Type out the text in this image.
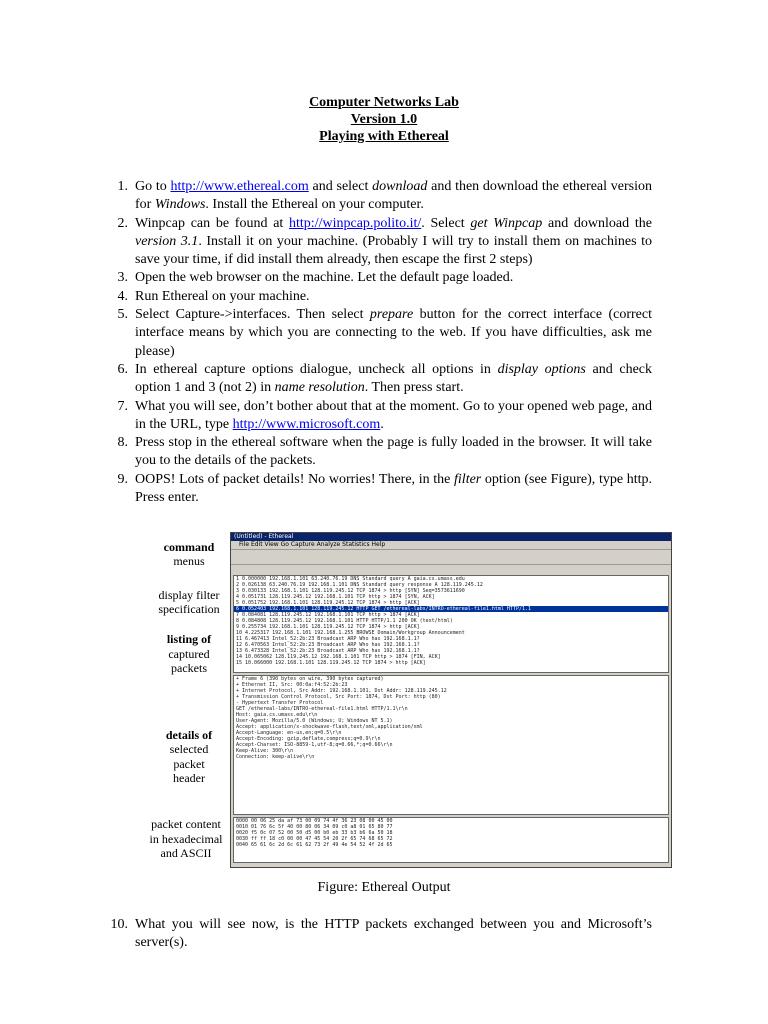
Computer Networks Lab
Version 1.0
Playing with Ethereal
1. Go to http://www.ethereal.com and select download and then download the ethereal version for Windows. Install the Ethereal on your computer.
2. Winpcap can be found at http://winpcap.polito.it/. Select get Winpcap and download the version 3.1. Install it on your machine. (Probably I will try to install them on machines to save your time, if did install them already, then escape the first 2 steps)
3. Open the web browser on the machine. Let the default page loaded.
4. Run Ethereal on your machine.
5. Select Capture->interfaces. Then select prepare button for the correct interface (correct interface means by which you are connecting to the web. If you have difficulties, ask me please)
6. In ethereal capture options dialogue, uncheck all options in display options and check option 1 and 3 (not 2) in name resolution. Then press start.
7. What you will see, don’t bother about that at the moment. Go to your opened web page, and in the URL, type http://www.microsoft.com.
8. Press stop in the ethereal software when the page is fully loaded in the browser. It will take you to the details of the packets.
9. OOPS! Lots of packet details! No worries! There, in the filter option (see Figure), type http. Press enter.
command
menus
display filter
specification
listing of
captured
packets
details of
selected
packet
header
packet content
in hexadecimal
and ASCII
(Untitled) - Ethereal
File Edit View Go Capture Analyze Statistics Help
1 0.000000 192.168.1.101 63.240.76.19 DNS Standard query A gaia.cs.umass.edu
2 0.026138 63.240.76.19 192.168.1.101 DNS Standard query response A 128.119.245.12
3 0.030133 192.168.1.101 128.119.245.12 TCP 1874 > http [SYN] Seq=3573611690
4 0.051731 128.119.245.12 192.168.1.101 TCP http > 1874 [SYN, ACK]
5 0.051752 192.168.1.101 128.119.245.12 TCP 1874 > http [ACK]
6 0.052403 192.168.1.101 128.119.245.12 HTTP GET /ethereal-labs/INTRO-ethereal-file1.html HTTP/1.1
7 0.084081 128.119.245.12 192.168.1.101 TCP http > 1874 [ACK]
8 0.084808 128.119.245.12 192.168.1.101 HTTP HTTP/1.1 200 OK (text/html)
9 0.255734 192.168.1.101 128.119.245.12 TCP 1874 > http [ACK]
10 4.225317 192.168.1.101 192.168.1.255 BROWSE Domain/Workgroup Announcement
11 6.467413 Intel_52:2b:23 Broadcast ARP Who has 192.168.1.1?
12 6.470563 Intel_52:2b:23 Broadcast ARP Who has 192.168.1.1?
13 6.473328 Intel_52:2b:23 Broadcast ARP Who has 192.168.1.1?
14 10.065062 128.119.245.12 192.168.1.101 TCP http > 1874 [FIN, ACK]
15 10.066000 192.168.1.101 128.119.245.12 TCP 1874 > http [ACK]
+ Frame 6 (390 bytes on wire, 390 bytes captured)
+ Ethernet II, Src: 00:0a:f4:52:2b:23
+ Internet Protocol, Src Addr: 192.168.1.101, Dst Addr: 128.119.245.12
+ Transmission Control Protocol, Src Port: 1874, Dst Port: http (80)
- Hypertext Transfer Protocol
GET /ethereal-labs/INTRO-ethereal-file1.html HTTP/1.1\r\n
Host: gaia.cs.umass.edu\r\n
User-Agent: Mozilla/5.0 (Windows; U; Windows NT 5.1)
Accept: application/x-shockwave-flash,text/xml,application/xml
Accept-Language: en-us,en;q=0.5\r\n
Accept-Encoding: gzip,deflate,compress;q=0.9\r\n
Accept-Charset: ISO-8859-1,utf-8;q=0.66,*;q=0.66\r\n
Keep-Alive: 300\r\n
Connection: keep-alive\r\n
0000 00 06 25 da af 73 00 09 74 4f 36 23 08 00 45 00
0010 01 76 6c 5f 40 00 80 06 34 09 c0 a8 01 65 80 77
0020 f5 0c 07 52 00 50 d5 00 b0 eb 33 b3 b6 6a 50 18
0030 ff ff 18 c0 00 00 47 45 54 20 2f 65 74 68 65 72
0040 65 61 6c 2d 6c 61 62 73 2f 49 4e 54 52 4f 2d 65
Figure: Ethereal Output
10. What you will see now, is the HTTP packets exchanged between you and Microsoft’s server(s).
